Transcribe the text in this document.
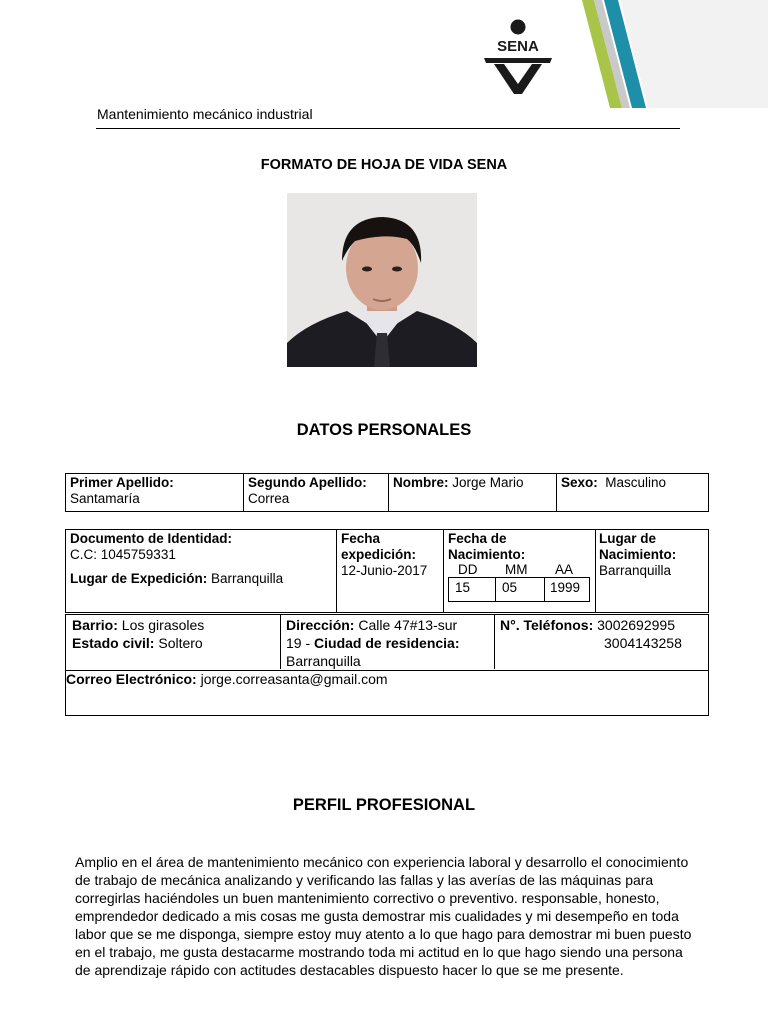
SENA
Mantenimiento mecánico industrial
FORMATO DE HOJA DE VIDA SENA
DATOS PERSONALES
Primer Apellido:
Santamaría
Segundo Apellido:
Correa
Nombre: Jorge Mario	Sexo: Masculino
Documento de Identidad:
C.C: 1045759331
Lugar de Expedición: Barranquilla
Fecha
expedición:
12-Junio-2017
Fecha de
Nacimiento:
DD MM AA
15 05 1999
Lugar de
Nacimiento:
Barranquilla
Barrio: Los girasoles
Estado civil: Soltero
Dirección: Calle 47#13-sur
19 - Ciudad de residencia:
Barranquilla
N°. Teléfonos: 3002692995
3004143258
Correo Electrónico: jorge.correasanta@gmail.com
PERFIL PROFESIONAL
Amplio en el área de mantenimiento mecánico con experiencia laboral y desarrollo el conocimiento de trabajo de mecánica analizando y verificando las fallas y las averías de las máquinas para corregirlas haciéndoles un buen mantenimiento correctivo o preventivo. responsable, honesto, emprendedor dedicado a mis cosas me gusta demostrar mis cualidades y mi desempeño en toda labor que se me disponga, siempre estoy muy atento a lo que hago para demostrar mi buen puesto en el trabajo, me gusta destacarme mostrando toda mi actitud en lo que hago siendo una persona de aprendizaje rápido con actitudes destacables dispuesto hacer lo que se me presente.
